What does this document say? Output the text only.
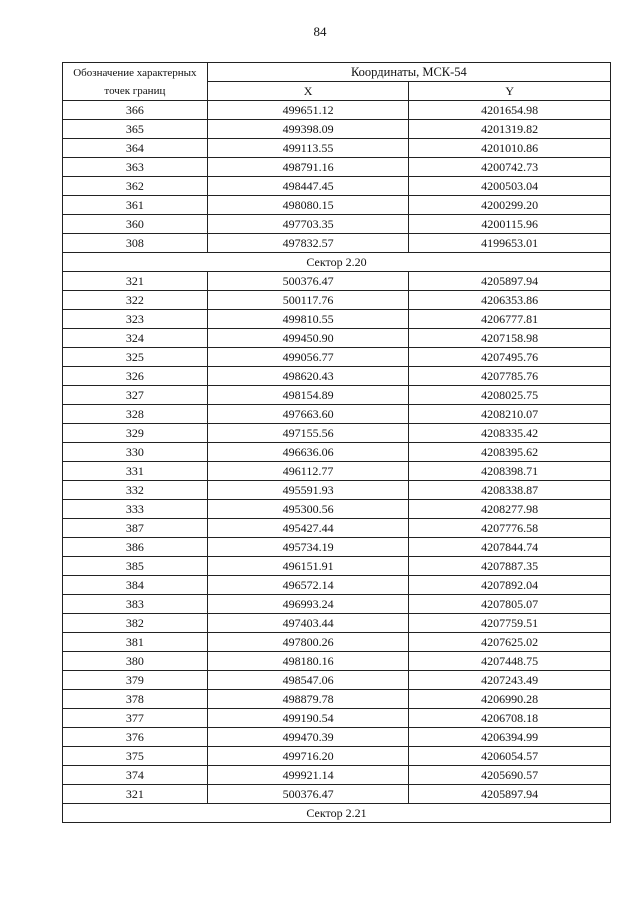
84
Обозначение характерных точек границ	Координаты, МСК-54	
	X	Y
366	499651.12	4201654.98
365	499398.09	4201319.82
364	499113.55	4201010.86
363	498791.16	4200742.73
362	498447.45	4200503.04
361	498080.15	4200299.20
360	497703.35	4200115.96
308	497832.57	4199653.01
Сектор 2.20		
321	500376.47	4205897.94
322	500117.76	4206353.86
323	499810.55	4206777.81
324	499450.90	4207158.98
325	499056.77	4207495.76
326	498620.43	4207785.76
327	498154.89	4208025.75
328	497663.60	4208210.07
329	497155.56	4208335.42
330	496636.06	4208395.62
331	496112.77	4208398.71
332	495591.93	4208338.87
333	495300.56	4208277.98
387	495427.44	4207776.58
386	495734.19	4207844.74
385	496151.91	4207887.35
384	496572.14	4207892.04
383	496993.24	4207805.07
382	497403.44	4207759.51
381	497800.26	4207625.02
380	498180.16	4207448.75
379	498547.06	4207243.49
378	498879.78	4206990.28
377	499190.54	4206708.18
376	499470.39	4206394.99
375	499716.20	4206054.57
374	499921.14	4205690.57
321	500376.47	4205897.94
Сектор 2.21		
